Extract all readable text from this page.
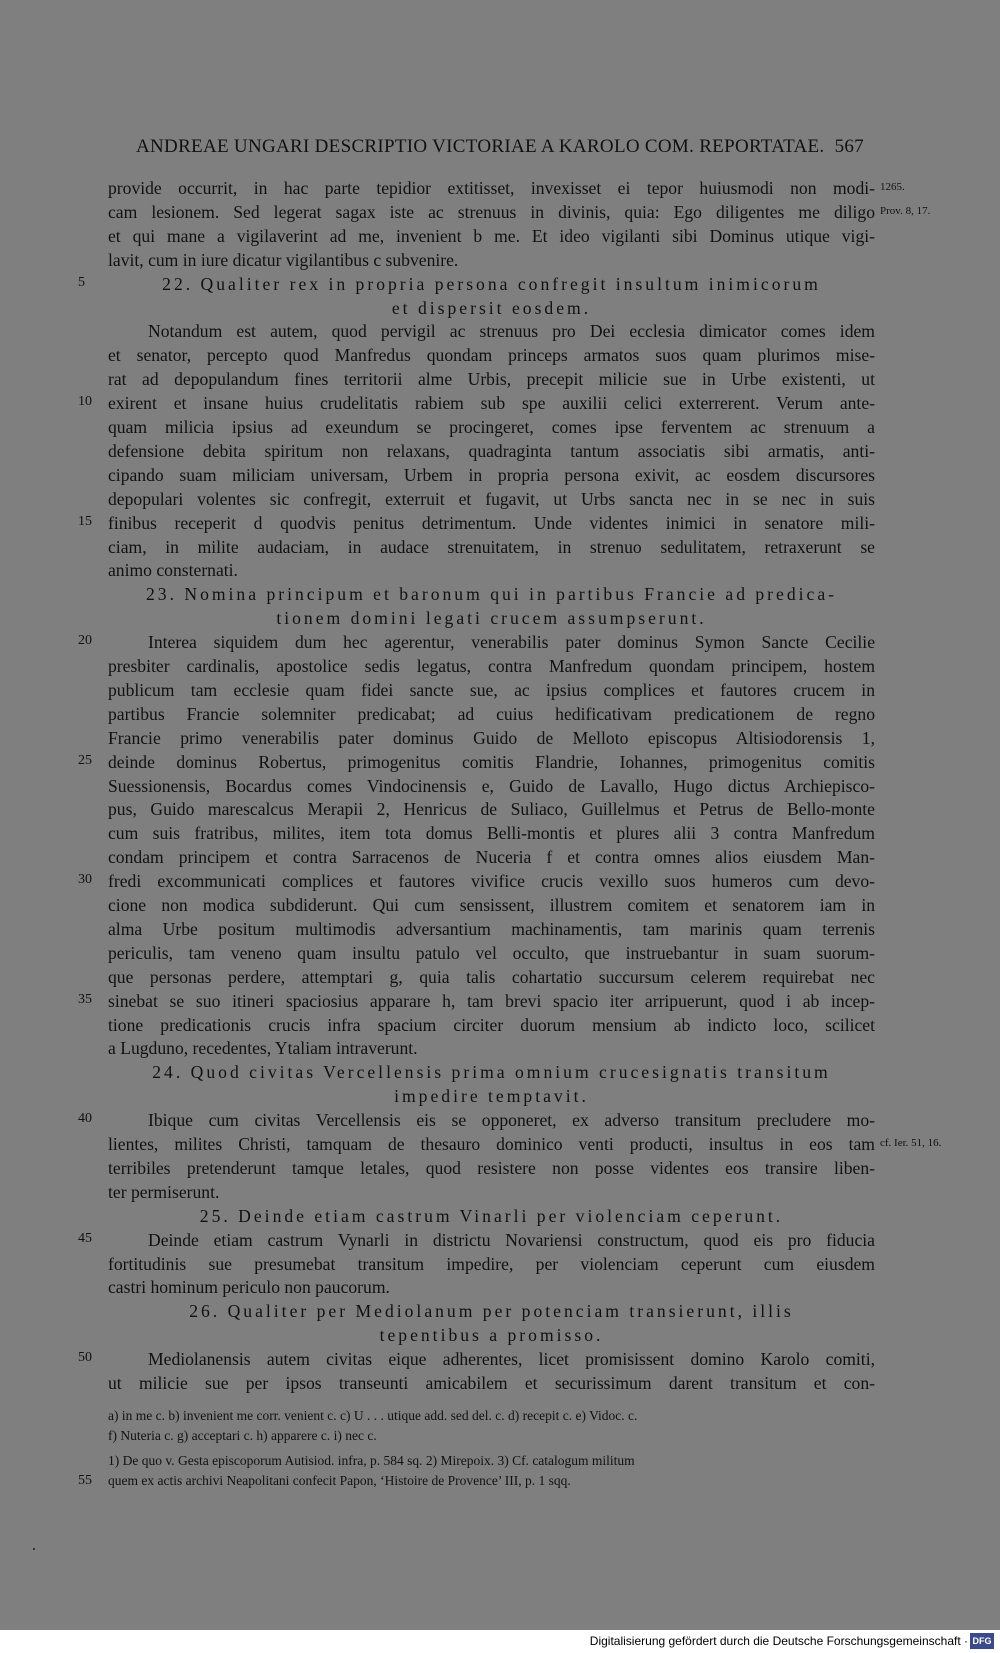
ANDREAE UNGARI DESCRIPTIO VICTORIAE A KAROLO COM. REPORTATAE. 567
provide occurrit, in hac parte tepidior extitisset, invexisset ei tepor huiusmodi non modi-
cam lesionem. Sed legerat sagax iste ac strenuus in divinis, quia: Ego diligentes me diligo
et qui mane a vigilaverint ad me, invenient b me. Et ideo vigilanti sibi Dominus utique vigi-
lavit, cum in iure dicatur vigilantibus c subvenire.
22. Qualiter rex in propria persona confregit insultum inimicorum
et dispersit eosdem.
Notandum est autem, quod pervigil ac strenuus pro Dei ecclesia dimicator comes idem
et senator, percepto quod Manfredus quondam princeps armatos suos quam plurimos mise-
rat ad depopulandum fines territorii alme Urbis, precepit milicie sue in Urbe existenti, ut
exirent et insane huius crudelitatis rabiem sub spe auxilii celici exterrerent. Verum ante-
quam milicia ipsius ad exeundum se procingeret, comes ipse ferventem ac strenuum a
defensione debita spiritum non relaxans, quadraginta tantum associatis sibi armatis, anti-
cipando suam miliciam universam, Urbem in propria persona exivit, ac eosdem discursores
depopulari volentes sic confregit, exterruit et fugavit, ut Urbs sancta nec in se nec in suis
finibus receperit d quodvis penitus detrimentum. Unde videntes inimici in senatore mili-
ciam, in milite audaciam, in audace strenuitatem, in strenuo sedulitatem, retraxerunt se
animo consternati.
23. Nomina principum et baronum qui in partibus Francie ad predica-
tionem domini legati crucem assumpserunt.
Interea siquidem dum hec agerentur, venerabilis pater dominus Symon Sancte Cecilie
presbiter cardinalis, apostolice sedis legatus, contra Manfredum quondam principem, hostem
publicum tam ecclesie quam fidei sancte sue, ac ipsius complices et fautores crucem in
partibus Francie solemniter predicabat; ad cuius hedificativam predicationem de regno
Francie primo venerabilis pater dominus Guido de Melloto episcopus Altisiodorensis 1,
deinde dominus Robertus, primogenitus comitis Flandrie, Iohannes, primogenitus comitis
Suessionensis, Bocardus comes Vindocinensis e, Guido de Lavallo, Hugo dictus Archiepisco-
pus, Guido marescalcus Merapii 2, Henricus de Suliaco, Guillelmus et Petrus de Bello-monte
cum suis fratribus, milites, item tota domus Belli-montis et plures alii 3 contra Manfredum
condam principem et contra Sarracenos de Nuceria f et contra omnes alios eiusdem Man-
fredi excommunicati complices et fautores vivifice crucis vexillo suos humeros cum devo-
cione non modica subdiderunt. Qui cum sensissent, illustrem comitem et senatorem iam in
alma Urbe positum multimodis adversantium machinamentis, tam marinis quam terrenis
periculis, tam veneno quam insultu patulo vel occulto, que instruebantur in suam suorum-
que personas perdere, attemptari g, quia talis cohartatio succursum celerem requirebat nec
sinebat se suo itineri spaciosius apparare h, tam brevi spacio iter arripuerunt, quod i ab incep-
tione predicationis crucis infra spacium circiter duorum mensium ab indicto loco, scilicet
a Lugduno, recedentes, Ytaliam intraverunt.
24. Quod civitas Vercellensis prima omnium crucesignatis transitum
impedire temptavit.
Ibique cum civitas Vercellensis eis se opponeret, ex adverso transitum precludere mo-
lientes, milites Christi, tamquam de thesauro dominico venti producti, insultus in eos tam
terribiles pretenderunt tamque letales, quod resistere non posse videntes eos transire liben-
ter permiserunt.
25. Deinde etiam castrum Vinarli per violenciam ceperunt.
Deinde etiam castrum Vynarli in districtu Novariensi constructum, quod eis pro fiducia
fortitudinis sue presumebat transitum impedire, per violenciam ceperunt cum eiusdem
castri hominum periculo non paucorum.
26. Qualiter per Mediolanum per potenciam transierunt, illis
tepentibus a promisso.
Mediolanensis autem civitas eique adherentes, licet promisissent domino Karolo comiti,
ut milicie sue per ipsos transeunti amicabilem et securissimum darent transitum et con-
5
10
15
20
25
30
35
40
45
50
1265.
Prov. 8, 17.
cf. Ier. 51, 16.
a) in me c. b) invenient me corr. venient c. c) U . . . utique add. sed del. c. d) recepit c. e) Vidoc. c.
f) Nuteria c. g) acceptari c. h) apparere c. i) nec c.
1) De quo v. Gesta episcoporum Autisiod. infra, p. 584 sq. 2) Mirepoix. 3) Cf. catalogum militum
quem ex actis archivi Neapolitani confecit Papon, ‘Histoire de Provence’ III, p. 1 sqq.
55
Digitalisierung gefördert durch die Deutsche Forschungsgemeinschaft · DFG
